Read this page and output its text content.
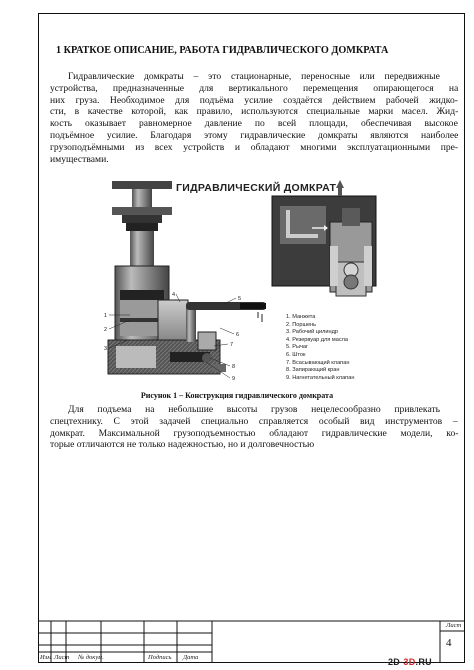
1 КРАТКОЕ ОПИСАНИЕ, РАБОТА ГИДРАВЛИЧЕСКОГО ДОМКРАТА
Гидравлические домкраты – это стационарные, переносные или передвижные
устройства, предназначенные для вертикального перемещения опирающегося на
них груза. Необходимое для подъёма усилие создаётся действием рабочей жидко-
сти, в качестве которой, как правило, используются специальные марки масел. Жид-
кость оказывает равномерное давление по всей площади, обеспечивая высокое
подъёмное усилие. Благодаря этому гидравлические домкраты являются наиболее
грузоподъёмными из всех устройств и обладают многими эксплуатационными пре-
имуществами.
1
2
3
4
5
6
7
8
9
ГИДРАВЛИЧЕСКИЙ ДОМКРАТ
1. Манжета
2. Поршень
3. Рабочий цилиндр
4. Резервуар для масла
5. Рычаг
6. Шток
7. Всасывающий клапан
8. Запирающий кран
9. Нагнетательный клапан
Рисунок 1 – Конструкция гидравлического домкрата
Для подъема на небольшие высоты грузов нецелесообразно привлекать
спецтехнику. С этой задачей специально справляется особый вид инструментов –
домкрат. Максимальной грузоподъемностью обладают гидравлические модели, ко-
торые отличаются не только надежностью, но и долговечностью
Изм Лист № докум.	Подпись Дата
Лист
4
2D-3D.RU
